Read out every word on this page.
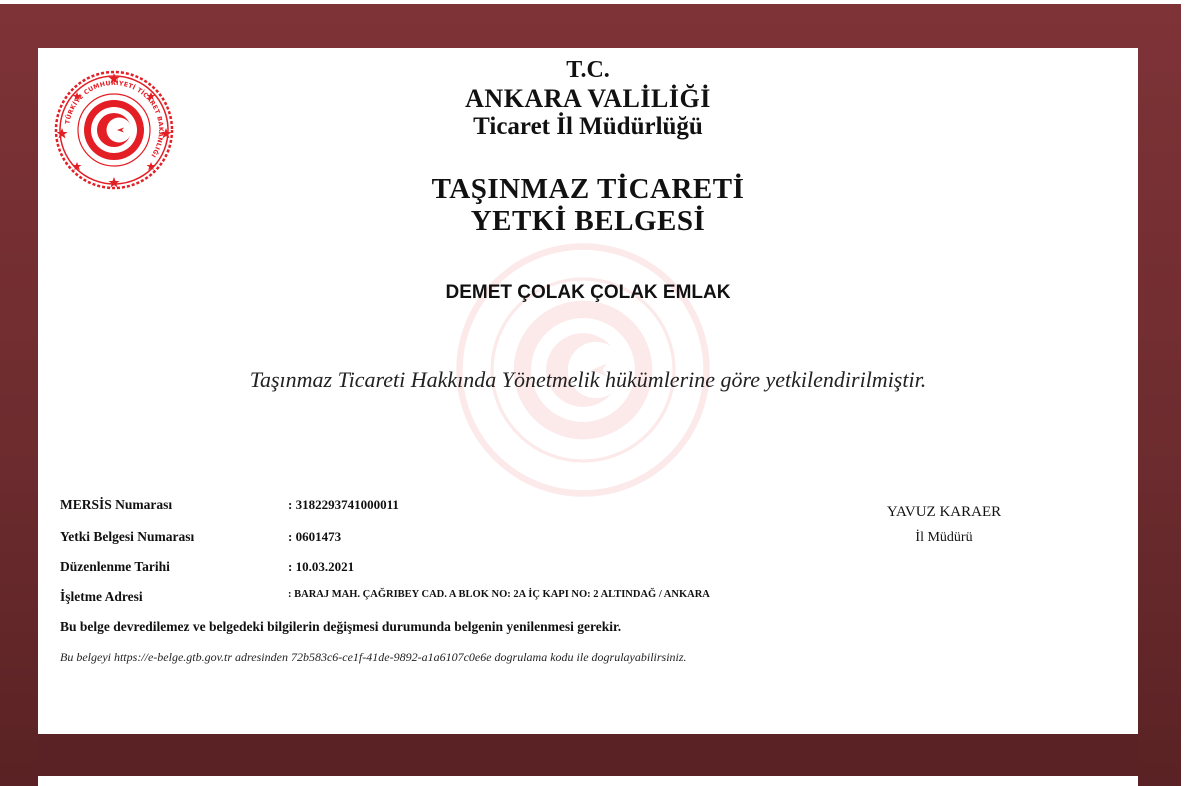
TÜRKİYE CUMHURİYETİ TİCARET BAKANLIĞI
T.C.
ANKARA VALİLİĞİ
Ticaret İl Müdürlüğü
TAŞINMAZ TİCARETİ
YETKİ BELGESİ
DEMET ÇOLAK ÇOLAK EMLAK
Taşınmaz Ticareti Hakkında Yönetmelik hükümlerine göre yetkilendirilmiştir.
MERSİS Numarası	: 3182293741000011
Yetki Belgesi Numarası	: 0601473
Düzenlenme Tarihi	: 10.03.2021
İşletme Adresi	: BARAJ MAH. ÇAĞRIBEY CAD. A BLOK NO: 2A İÇ KAPI NO: 2 ALTINDAĞ / ANKARA
Bu belge devredilemez ve belgedeki bilgilerin değişmesi durumunda belgenin yenilenmesi gerekir.
Bu belgeyi https://e-belge.gtb.gov.tr adresinden 72b583c6-ce1f-41de-9892-a1a6107c0e6e dogrulama kodu ile dogrulayabilirsiniz.
YAVUZ KARAER
İl Müdürü
